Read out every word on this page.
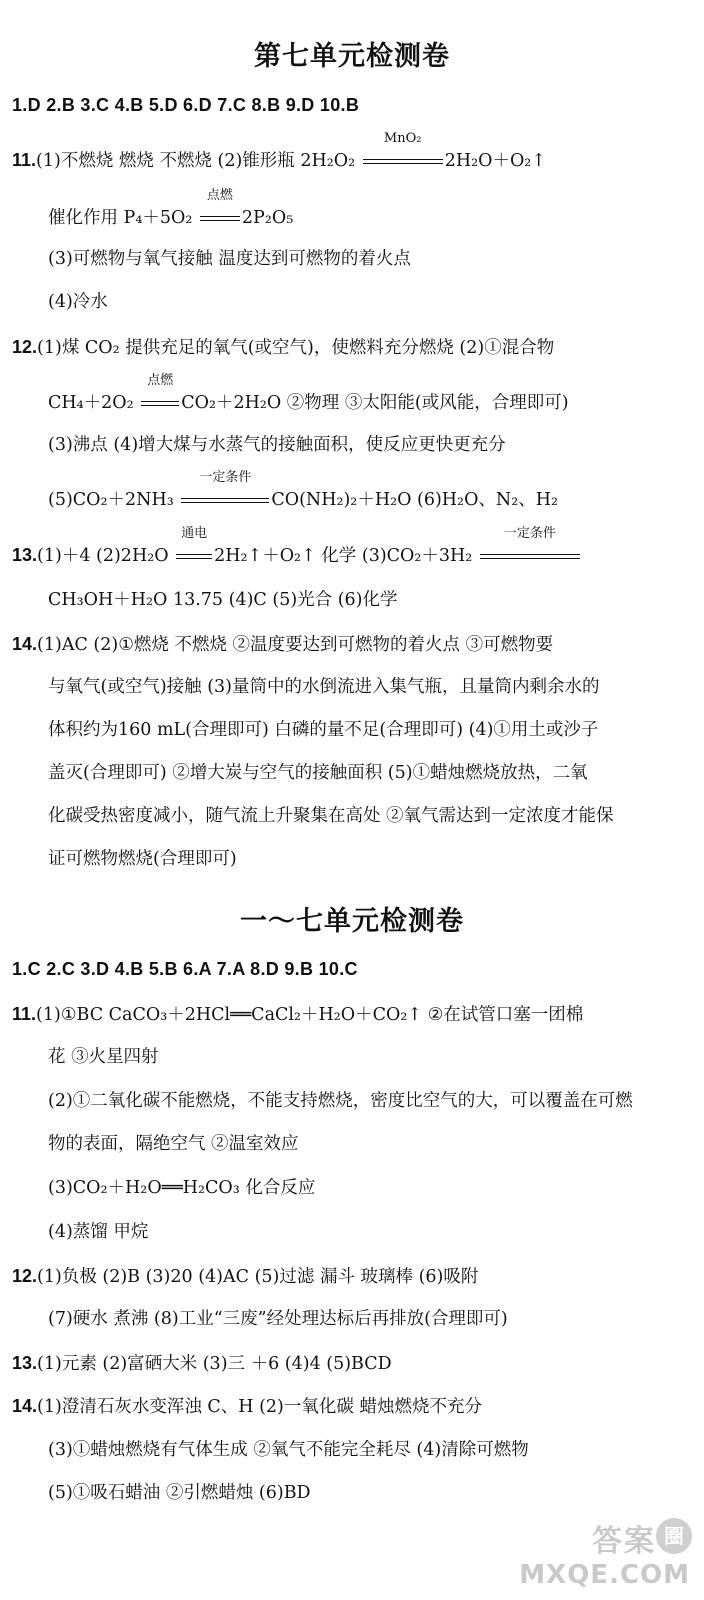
第七单元检测卷
1.D 2.B 3.C 4.B 5.D 6.D 7.C 8.B 9.D 10.B
11.(1)不燃烧 燃烧 不燃烧 (2)锥形瓶 2H₂O₂
MnO₂
2H₂O＋O₂↑
催化作用 P₄＋5O₂
点燃
2P₂O₅
(3)可燃物与氧气接触 温度达到可燃物的着火点
(4)冷水
12.(1)煤 CO₂ 提供充足的氧气(或空气)，使燃料充分燃烧 (2)①混合物
CH₄＋2O₂
点燃
CO₂＋2H₂O ②物理 ③太阳能(或风能，合理即可)
(3)沸点 (4)增大煤与水蒸气的接触面积，使反应更快更充分
(5)CO₂＋2NH₃
一定条件
CO(NH₂)₂＋H₂O (6)H₂O、N₂、H₂
13.(1)＋4 (2)2H₂O
通电
2H₂↑＋O₂↑ 化学 (3)CO₂＋3H₂
一定条件
CH₃OH＋H₂O 13.75 (4)C (5)光合 (6)化学
14.(1)AC (2)①燃烧 不燃烧 ②温度要达到可燃物的着火点 ③可燃物要
与氧气(或空气)接触 (3)量筒中的水倒流进入集气瓶，且量筒内剩余水的
体积约为160 mL(合理即可) 白磷的量不足(合理即可) (4)①用土或沙子
盖灭(合理即可) ②增大炭与空气的接触面积 (5)①蜡烛燃烧放热，二氧
化碳受热密度减小，随气流上升聚集在高处 ②氧气需达到一定浓度才能保
证可燃物燃烧(合理即可)
一～七单元检测卷
1.C 2.C 3.D 4.B 5.B 6.A 7.A 8.D 9.B 10.C
11.(1)①BC CaCO₃＋2HCl══CaCl₂＋H₂O＋CO₂↑ ②在试管口塞一团棉
花 ③火星四射
(2)①二氧化碳不能燃烧，不能支持燃烧，密度比空气的大，可以覆盖在可燃
物的表面，隔绝空气 ②温室效应
(3)CO₂＋H₂O══H₂CO₃ 化合反应
(4)蒸馏 甲烷
12.(1)负极 (2)B (3)20 (4)AC (5)过滤 漏斗 玻璃棒 (6)吸附
(7)硬水 煮沸 (8)工业“三废”经处理达标后再排放(合理即可)
13.(1)元素 (2)富硒大米 (3)三 ＋6 (4)4 (5)BCD
14.(1)澄清石灰水变浑浊 C、H (2)一氧化碳 蜡烛燃烧不充分
(3)①蜡烛燃烧有气体生成 ②氧气不能完全耗尽 (4)清除可燃物
(5)①吸石蜡油 ②引燃蜡烛 (6)BD
答案 圈
MXQE.COM
